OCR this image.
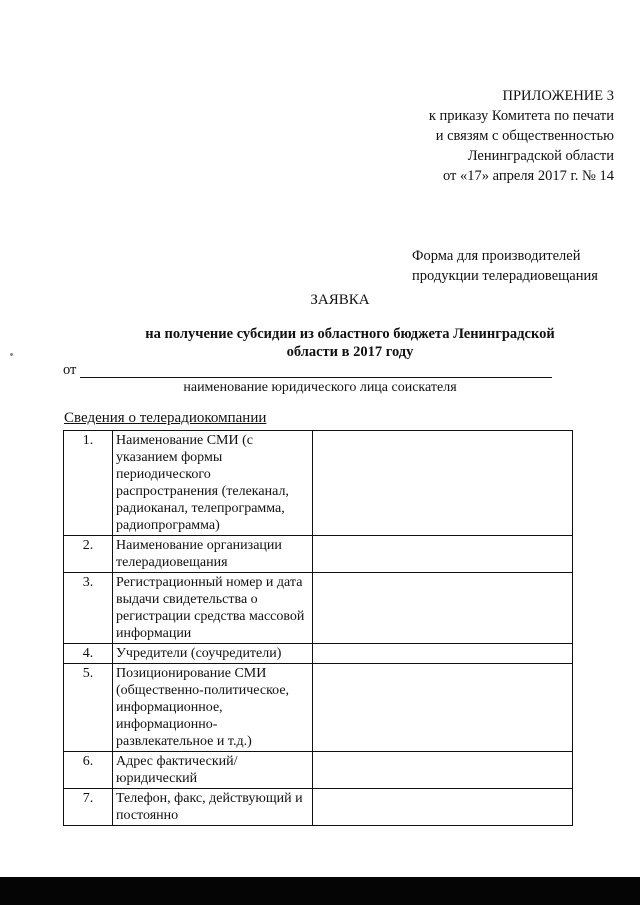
ПРИЛОЖЕНИЕ 3
к приказу Комитета по печати
и связям с общественностью
Ленинградской области
от «17» апреля 2017 г. № 14
Форма для производителей
продукции телерадиовещания
ЗАЯВКА
на получение субсидии из областного бюджета Ленинградской области в 2017 году
от
наименование юридического лица соискателя
Сведения о телерадиокомпании
1.	Наименование СМИ (с указанием формы периодического распространения (телеканал, радиоканал, телепрограмма, радиопрограмма)	
2.	Наименование организации телерадиовещания	
3.	Регистрационный номер и дата выдачи свидетельства о регистрации средства массовой информации	
4.	Учредители (соучредители)	
5.	Позиционирование СМИ (общественно-политическое, информационное, информационно-развлекательное и т.д.)	
6.	Адрес фактический/ юридический	
7.	Телефон, факс, действующий и постоянно	
